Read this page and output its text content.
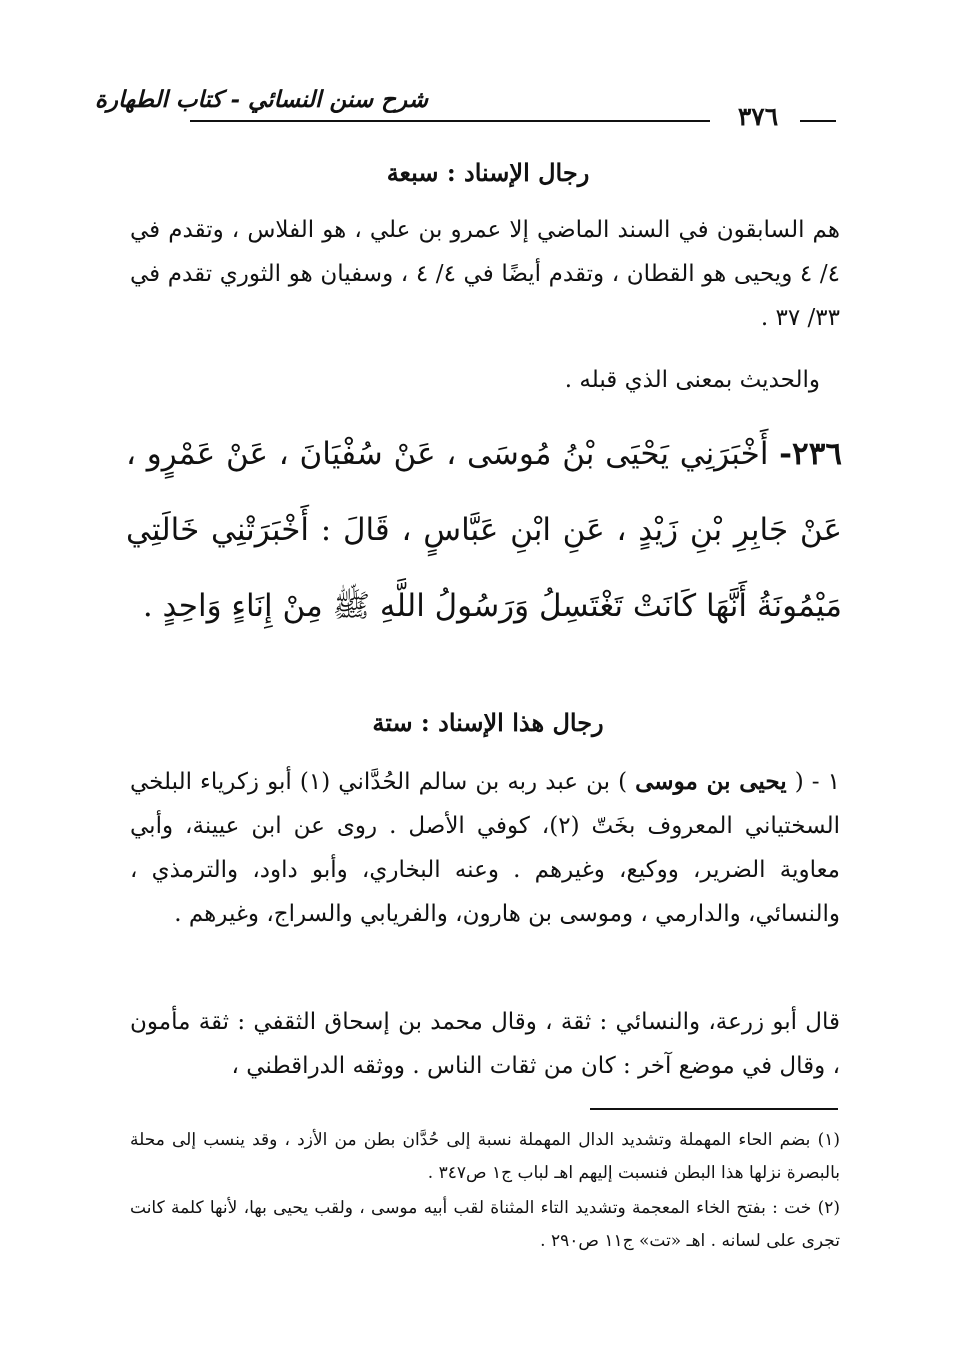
شرح سنن النسائي - كتاب الطهارة
٣٧٦
رجال الإسناد : سبعة
هم السابقون في السند الماضي إلا عمرو بن علي ، هو الفلاس ، وتقدم في ٤/ ٤ ويحيى هو القطان ، وتقدم أيضًا في ٤/ ٤ ، وسفيان هو الثوري تقدم في ٣٣/ ٣٧ .
والحديث بمعنى الذي قبله .
٢٣٦- أَخْبَرَنِي يَحْيَى بْنُ مُوسَى ، عَنْ سُفْيَانَ ، عَنْ عَمْرٍو ، عَنْ جَابِرِ بْنِ زَيْدٍ ، عَنِ ابْنِ عَبَّاسٍ ، قَالَ : أَخْبَرَتْنِي خَالَتِي مَيْمُونَةُ أَنَّهَا كَانَتْ تَغْتَسِلُ وَرَسُولُ اللَّهِ ﷺ مِنْ إِنَاءٍ وَاحِدٍ .
رجال هذا الإسناد : ستة
١ - ( يحيى بن موسى ) بن عبد ربه بن سالم الحُدَّاني (١) أبو زكرياء البلخي السختياني المعروف بخَتّ (٢)، كوفي الأصل . روى عن ابن عيينة، وأبي معاوية الضرير، ووكيع، وغيرهم . وعنه البخاري، وأبو داود، والترمذي ، والنسائي، والدارمي ، وموسى بن هارون، والفريابي والسراج، وغيرهم .
قال أبو زرعة، والنسائي : ثقة ، وقال محمد بن إسحاق الثقفي : ثقة مأمون ، وقال في موضع آخر : كان من ثقات الناس . ووثقه الدراقطني ،
(١) بضم الحاء المهملة وتشديد الدال المهملة نسبة إلى حُدَّان بطن من الأزد ، وقد ينسب إلى محلة بالبصرة نزلها هذا البطن فنسبت إليهم اهـ لباب ج١ ص٣٤٧ .
(٢) خت : بفتح الخاء المعجمة وتشديد التاء المثناة لقب أبيه موسى ، ولقب يحيى بها، لأنها كلمة كانت تجرى على لسانه . اهـ «تت» ج١١ ص٢٩٠ .
